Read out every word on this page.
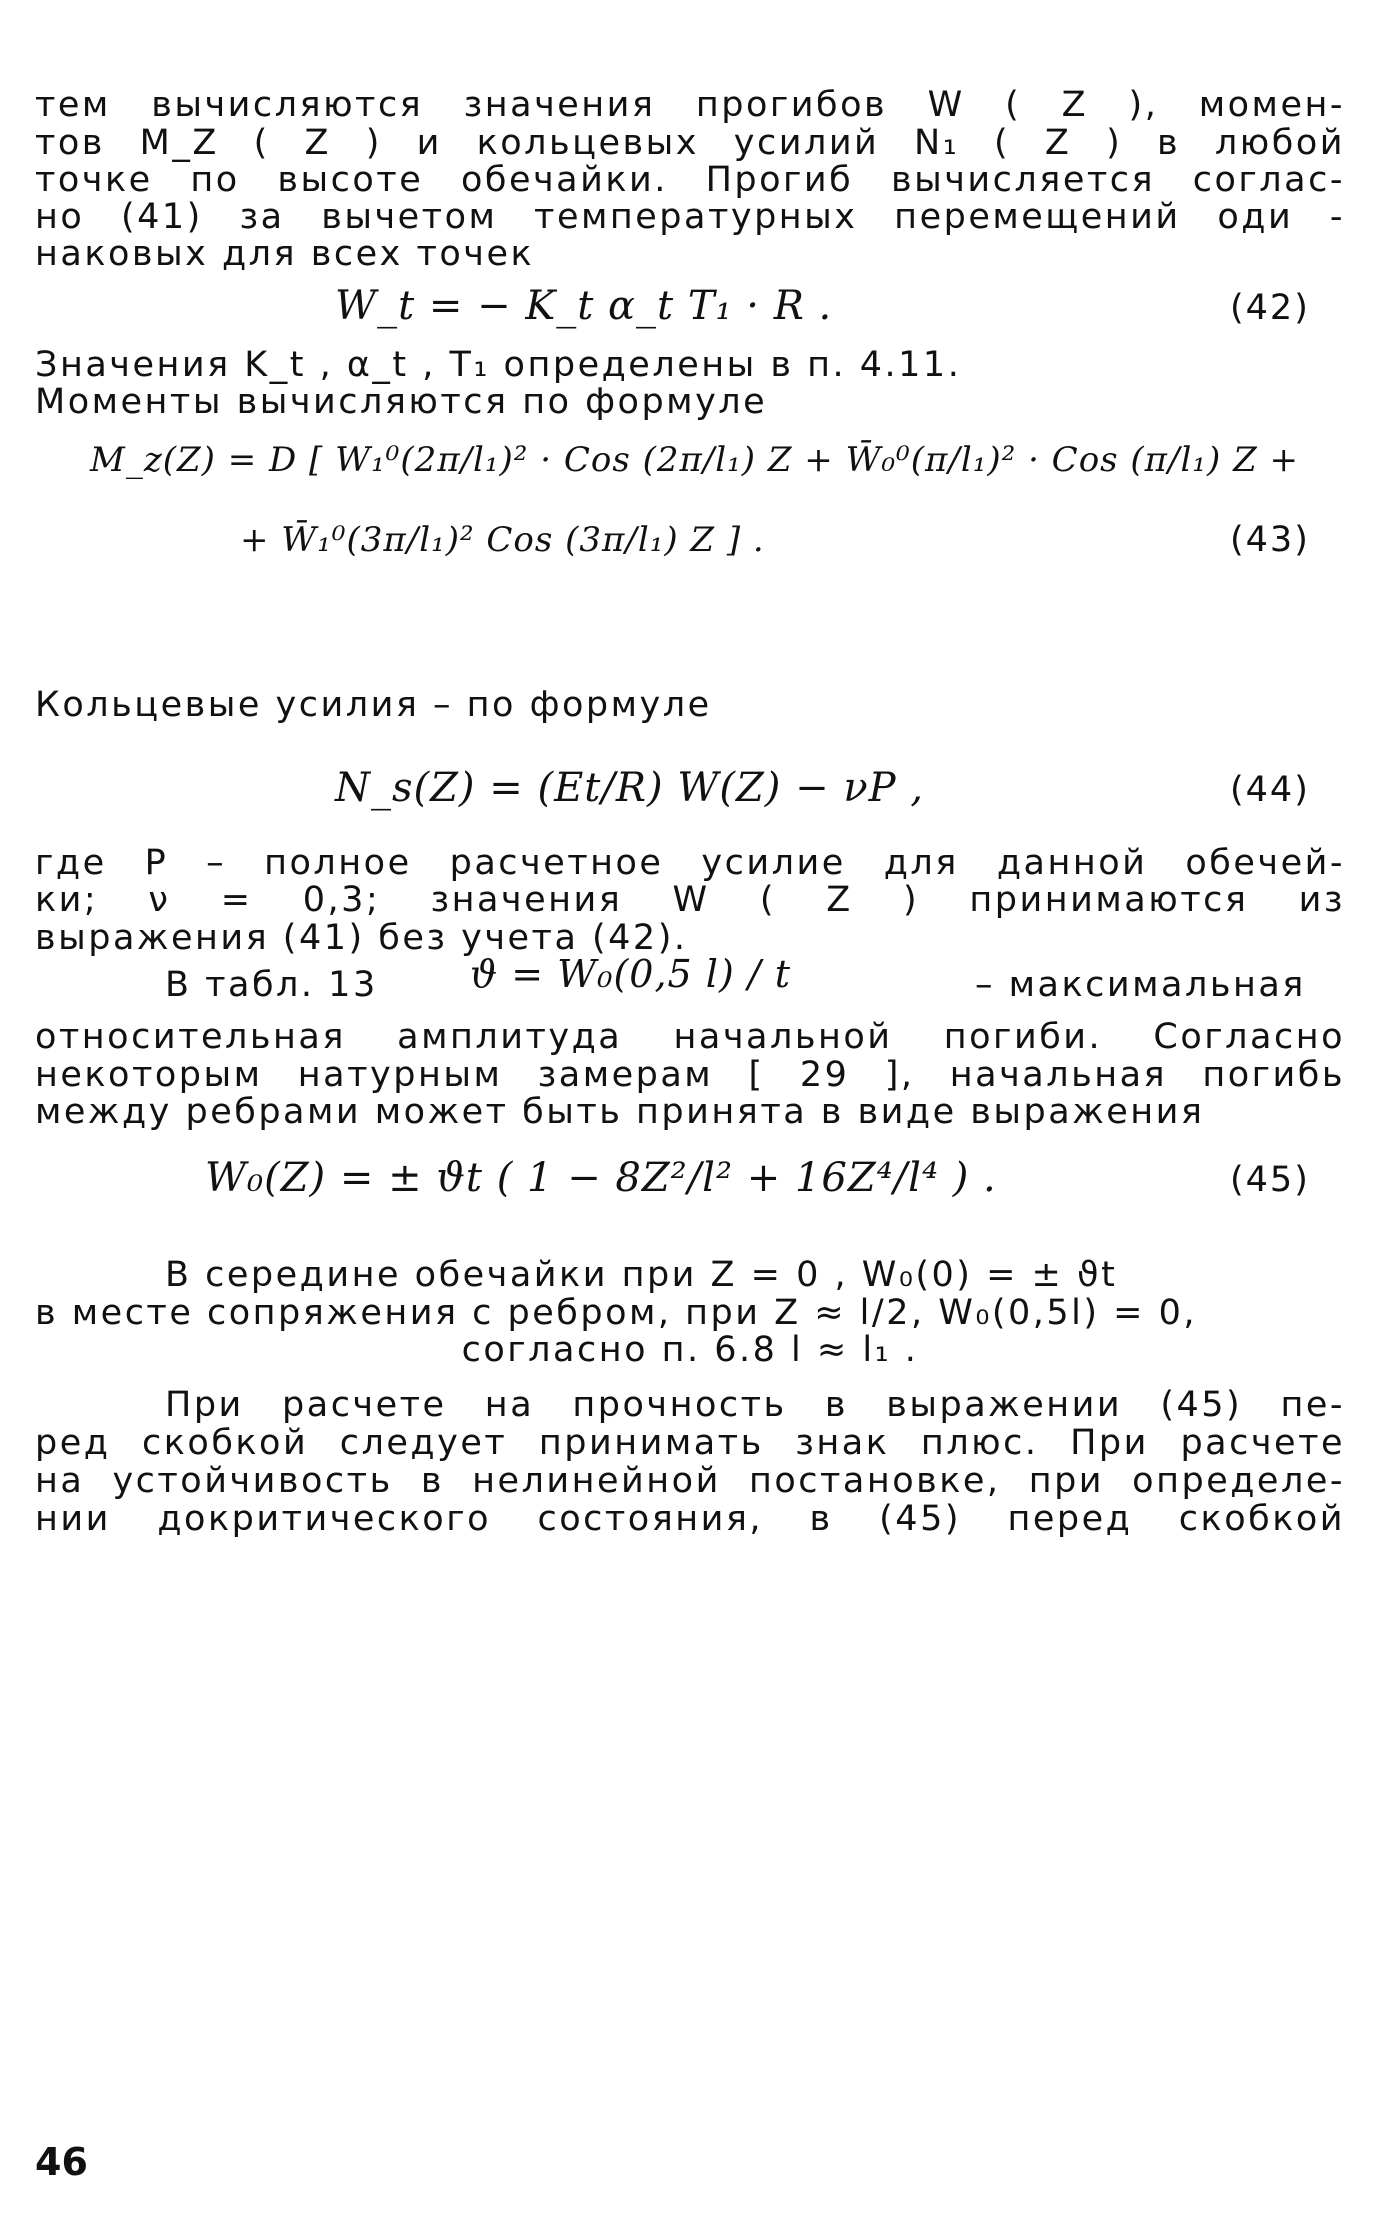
тем вычисляются значения прогибов W ( Z ), момен-
тов M_Z ( Z ) и кольцевых усилий N₁ ( Z ) в любой
точке по высоте обечайки. Прогиб вычисляется соглас-
но (41) за вычетом температурных перемещений оди -
наковых для всех точек
W_t = − K_t α_t T₁ · R .	(42)
Значения K_t , α_t , T₁ определены в п. 4.11.
Моменты вычисляются по формуле
M_z(Z) = D [ W₁⁰(2π/l₁)² · Cos (2π/l₁) Z + W̄₀⁰(π/l₁)² · Cos (π/l₁) Z +
+ W̄₁⁰(3π/l₁)² Cos (3π/l₁) Z ] .	(43)
Кольцевые усилия – по формуле
N_s(Z) = (Et/R) W(Z) − νP ,	(44)
где P – полное расчетное усилие для данной обечей-
ки; ν = 0,3; значения W ( Z ) принимаются из
выражения (41) без учета (42).
В табл. 13 ϑ = W₀(0,5 l) / t	– максимальная
относительная амплитуда начальной погиби. Согласно
некоторым натурным замерам [ 29 ], начальная погибь
между ребрами может быть принята в виде выражения
W₀(Z) = ± ϑt ( 1 − 8Z²/l² + 16Z⁴/l⁴ ) .	(45)
В середине обечайки при Z = 0 , W₀(0) = ± ϑt
в месте сопряжения с ребром, при Z ≈ l/2, W₀(0,5l) = 0,
согласно п. 6.8 l ≈ l₁ .
При расчете на прочность в выражении (45) пе-
ред скобкой следует принимать знак плюс. При расчете
на устойчивость в нелинейной постановке, при определе-
нии докритического состояния, в (45) перед скобкой
46
